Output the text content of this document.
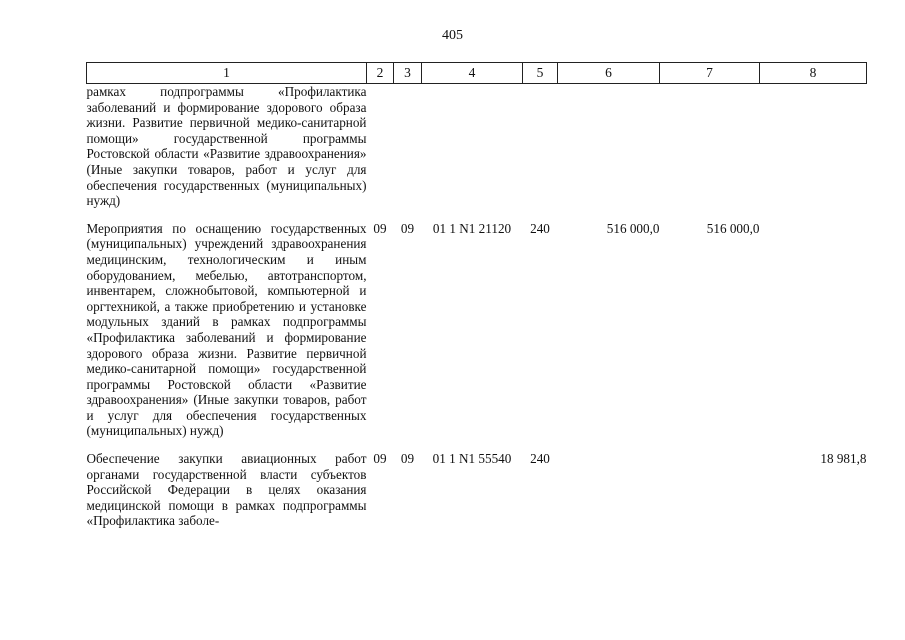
405
1	2	3	4	5	6	7	8
рамках подпрограммы «Профилактика заболеваний и формирование здорового образа жизни. Развитие первичной медико-санитарной помощи» государственной программы Ростовской области «Развитие здравоохранения» (Иные закупки товаров, работ и услуг для обеспечения государственных (муниципальных) нужд)							
Мероприятия по оснащению государственных (муниципальных) учреждений здравоохранения медицинским, технологическим и иным оборудованием, мебелью, автотранспортом, инвентарем, сложнобытовой, компьютерной и оргтехникой, а также приобретению и установке модульных зданий в рамках подпрограммы «Профилактика заболеваний и формирование здорового образа жизни. Развитие первичной медико-санитарной помощи» государственной программы Ростовской области «Развитие здравоохранения» (Иные закупки товаров, работ и услуг для обеспечения государственных (муниципальных) нужд)	09	09	01 1 N1 21120	240	516 000,0	516 000,0	
Обеспечение закупки авиационных работ органами государственной власти субъектов Российской Федерации в целях оказания медицинской помощи в рамках подпрограммы «Профилактика заболе-	09	09	01 1 N1 55540	240			18 981,8
